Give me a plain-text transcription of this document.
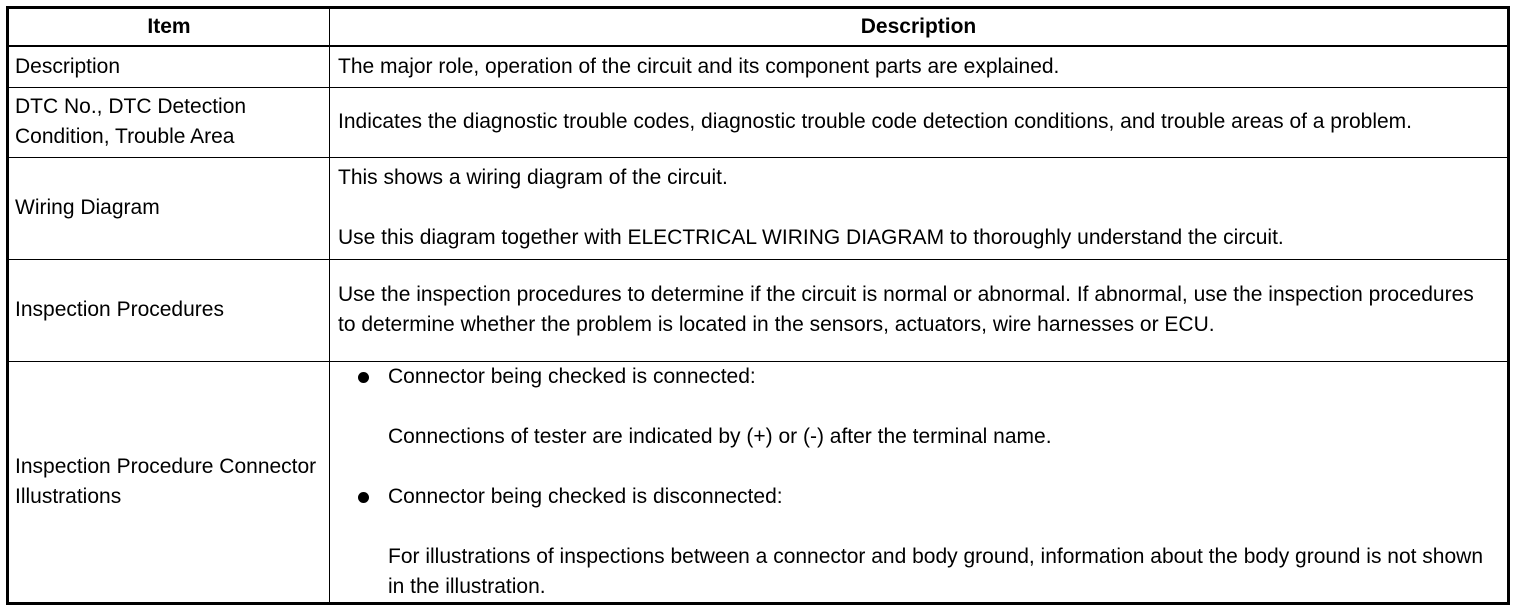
Item	Description
Description	The major role, operation of the circuit and its component parts are explained.
DTC No., DTC Detection Condition, Trouble Area	Indicates the diagnostic trouble codes, diagnostic trouble code detection conditions, and trouble areas of a problem.
Wiring Diagram	This shows a wiring diagram of the circuit.

Use this diagram together with ELECTRICAL WIRING DIAGRAM to thoroughly understand the circuit.

Inspection Procedures	Use the inspection procedures to determine if the circuit is normal or abnormal. If abnormal, use the inspection procedures to determine whether the problem is located in the sensors, actuators, wire harnesses or ECU.
Inspection Procedure Connector Illustrations	Connector being checked is connected:
Connections of tester are indicated by (+) or (-) after the terminal name.
Connector being checked is disconnected:
For illustrations of inspections between a connector and body ground, information about the body ground is not shown in the illustration.
